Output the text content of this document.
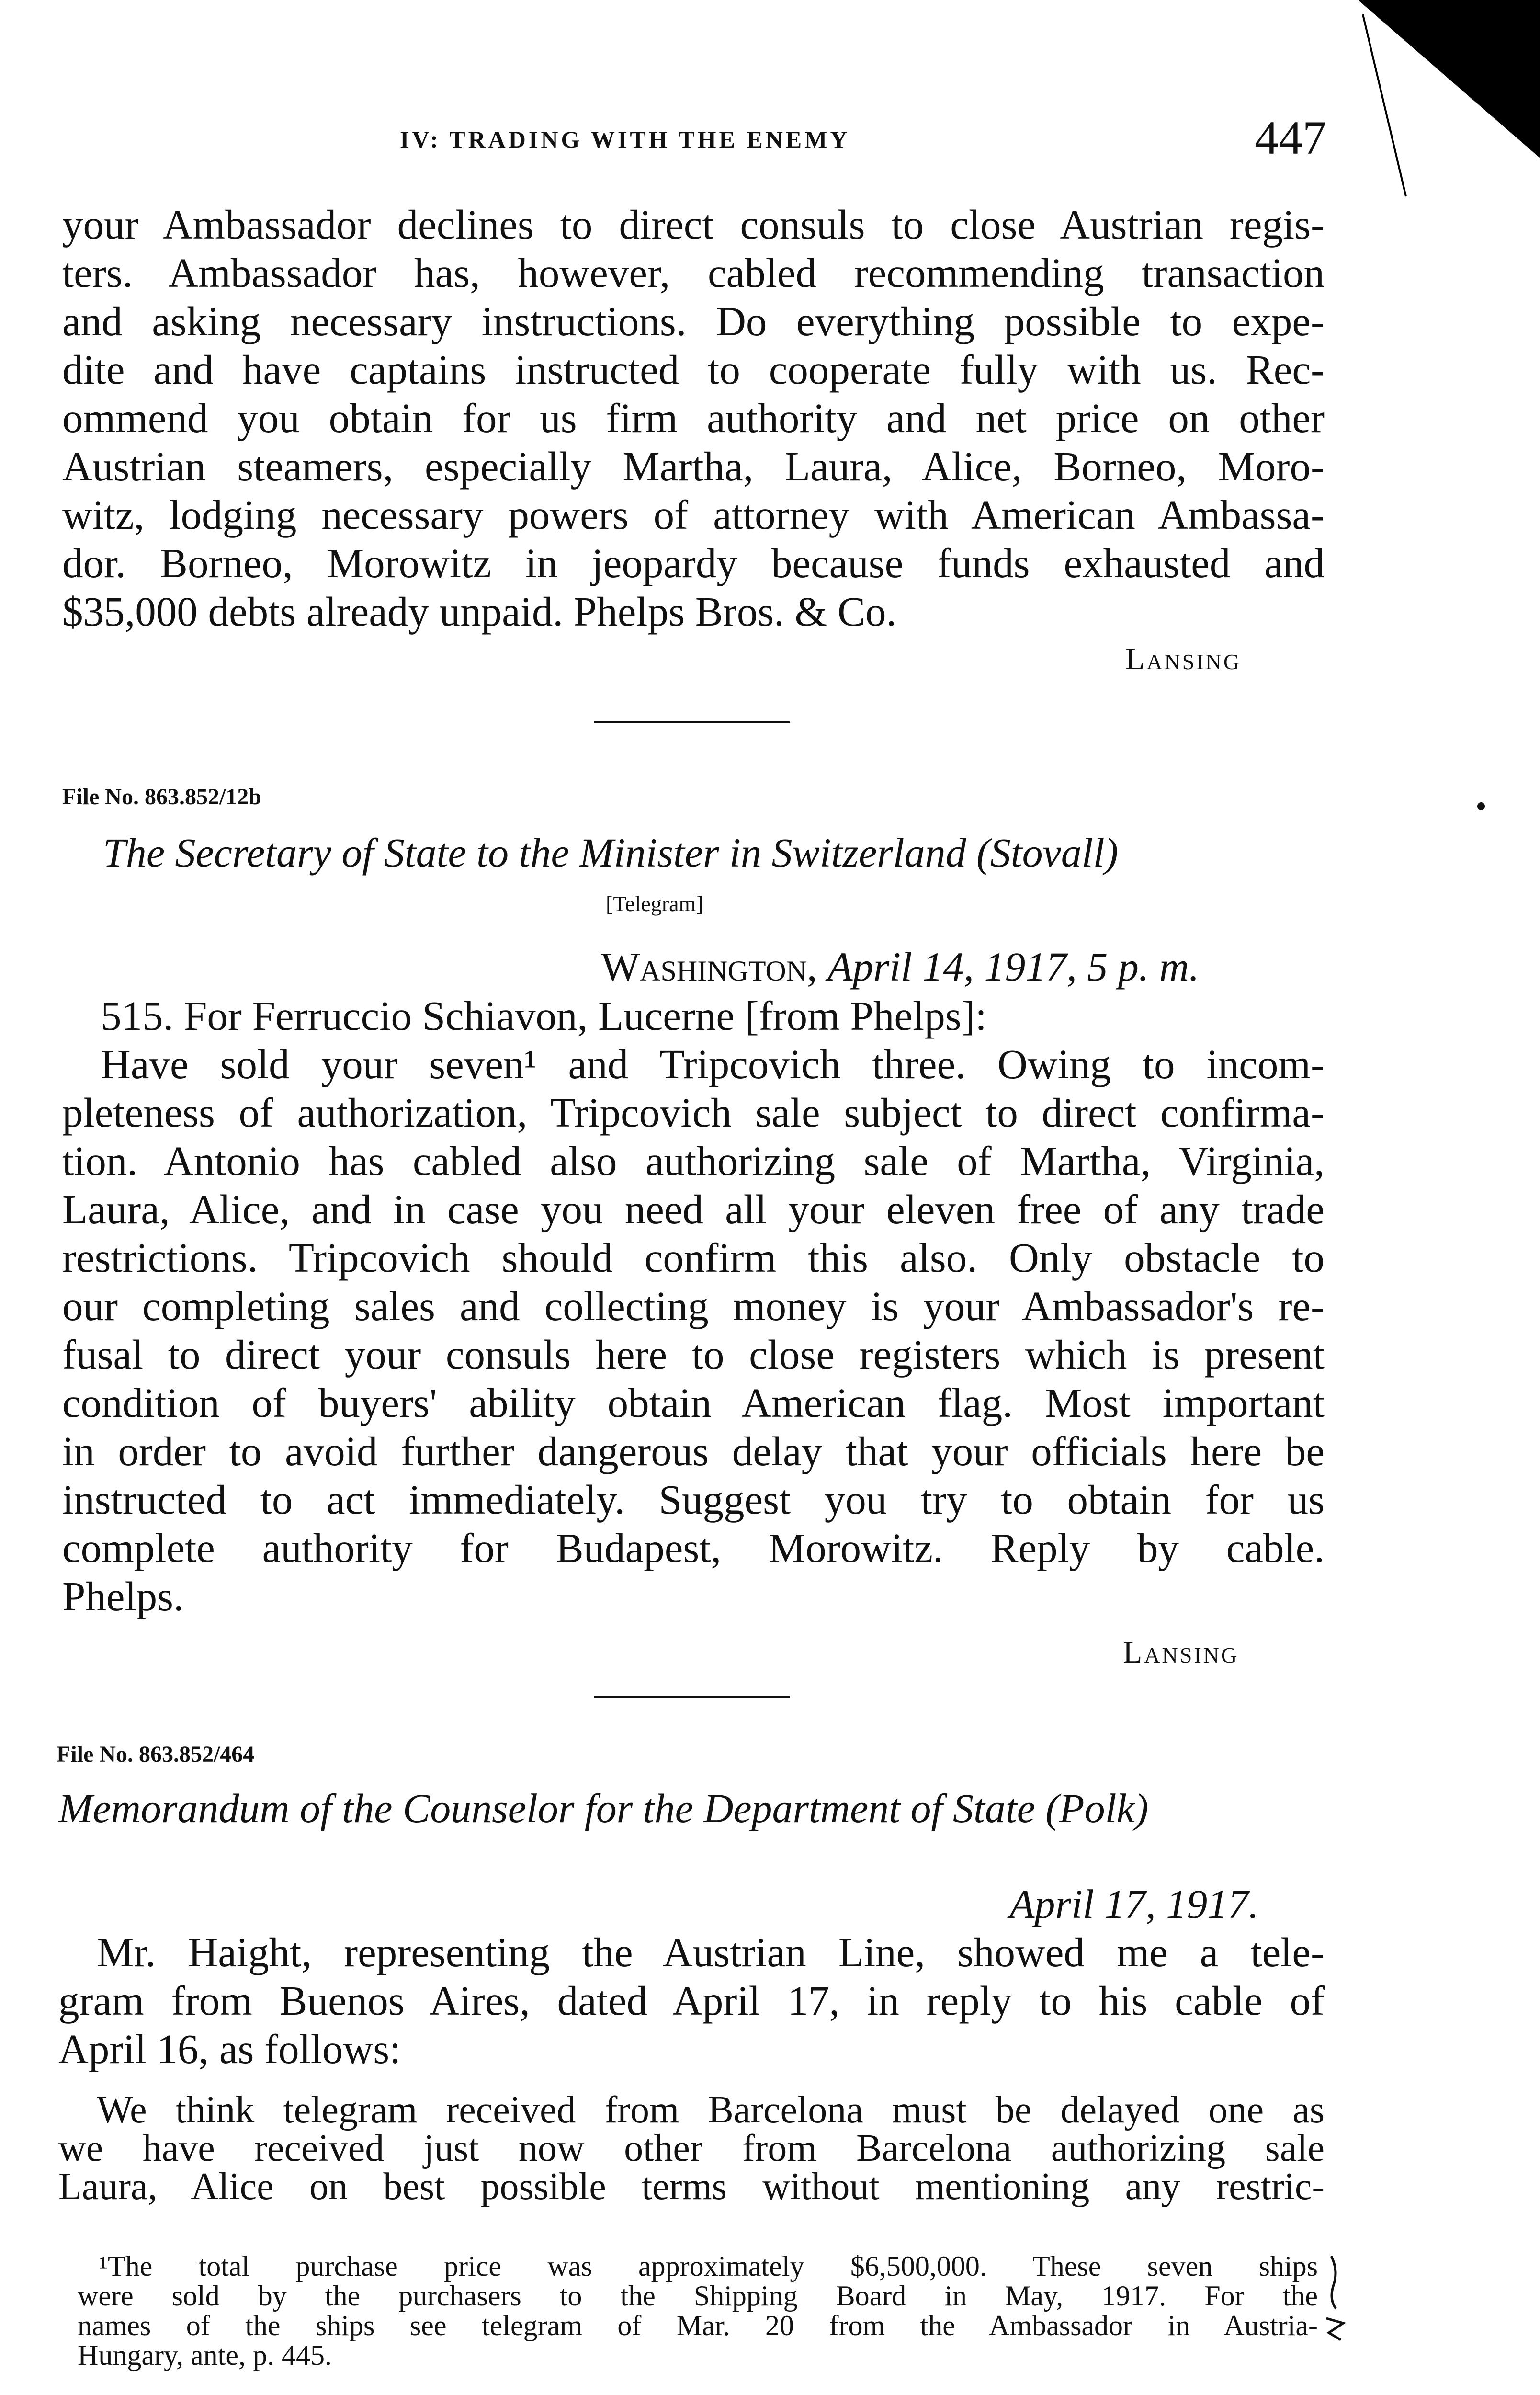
IV: TRADING WITH THE ENEMY	447
your Ambassador declines to direct consuls to close Austrian regis-
ters. Ambassador has, however, cabled recommending transaction
and asking necessary instructions. Do everything possible to expe-
dite and have captains instructed to cooperate fully with us. Rec-
ommend you obtain for us firm authority and net price on other
Austrian steamers, especially Martha, Laura, Alice, Borneo, Moro-
witz, lodging necessary powers of attorney with American Ambassa-
dor. Borneo, Morowitz in jeopardy because funds exhausted and
$35,000 debts already unpaid. Phelps Bros. & Co.
Lansing
File No. 863.852/12b
The Secretary of State to the Minister in Switzerland (Stovall)
[Telegram]
Washington, April 14, 1917, 5 p. m.
515. For Ferruccio Schiavon, Lucerne [from Phelps]:
Have sold your seven¹ and Tripcovich three. Owing to incom-
pleteness of authorization, Tripcovich sale subject to direct confirma-
tion. Antonio has cabled also authorizing sale of Martha, Virginia,
Laura, Alice, and in case you need all your eleven free of any trade
restrictions. Tripcovich should confirm this also. Only obstacle to
our completing sales and collecting money is your Ambassador's re-
fusal to direct your consuls here to close registers which is present
condition of buyers' ability obtain American flag. Most important
in order to avoid further dangerous delay that your officials here be
instructed to act immediately. Suggest you try to obtain for us
complete authority for Budapest, Morowitz. Reply by cable.
Phelps.
Lansing
File No. 863.852/464
Memorandum of the Counselor for the Department of State (Polk)
April 17, 1917.
Mr. Haight, representing the Austrian Line, showed me a tele-
gram from Buenos Aires, dated April 17, in reply to his cable of
April 16, as follows:
We think telegram received from Barcelona must be delayed one as
we have received just now other from Barcelona authorizing sale
Laura, Alice on best possible terms without mentioning any restric-
¹The total purchase price was approximately $6,500,000. These seven ships
were sold by the purchasers to the Shipping Board in May, 1917. For the
names of the ships see telegram of Mar. 20 from the Ambassador in Austria-
Hungary, ante, p. 445.
